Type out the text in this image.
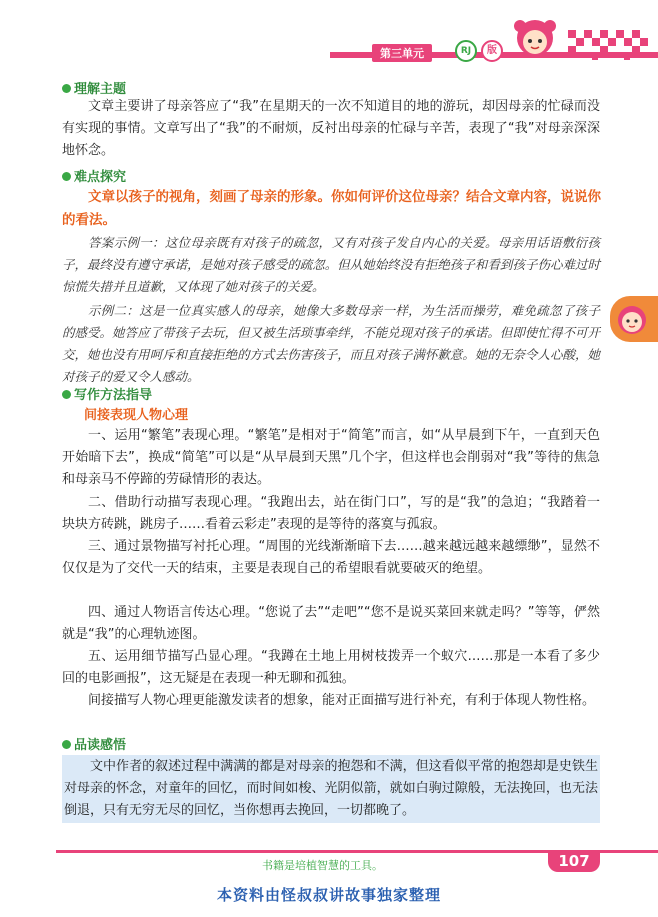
第三单元	RJ	版
理解主题
文章主要讲了母亲答应了“我”在星期天的一次不知道目的地的游玩，却因母亲的忙碌而没有实现的事情。文章写出了“我”的不耐烦，反衬出母亲的忙碌与辛苦，表现了“我”对母亲深深地怀念。
难点探究
文章以孩子的视角，刻画了母亲的形象。你如何评价这位母亲？结合文章内容，说说你的看法。
答案示例一：这位母亲既有对孩子的疏忽，又有对孩子发自内心的关爱。母亲用话语敷衍孩子，最终没有遵守承诺，是她对孩子感受的疏忽。但从她始终没有拒绝孩子和看到孩子伤心难过时惊慌失措并且道歉，又体现了她对孩子的关爱。
示例二：这是一位真实感人的母亲，她像大多数母亲一样，为生活而操劳，难免疏忽了孩子的感受。她答应了带孩子去玩，但又被生活琐事牵绊，不能兑现对孩子的承诺。但即使忙得不可开交，她也没有用呵斥和直接拒绝的方式去伤害孩子，而且对孩子满怀歉意。她的无奈令人心酸，她对孩子的爱又令人感动。
写作方法指导
间接表现人物心理
一、运用“繁笔”表现心理。“繁笔”是相对于“简笔”而言，如“从早晨到下午，一直到天色开始暗下去”，换成“简笔”可以是“从早晨到天黑”几个字，但这样也会削弱对“我”等待的焦急和母亲马不停蹄的劳碌情形的表达。
二、借助行动描写表现心理。“我跑出去，站在街门口”，写的是“我”的急迫；“我踏着一块块方砖跳，跳房子……看着云彩走”表现的是等待的落寞与孤寂。
三、通过景物描写衬托心理。“周围的光线渐渐暗下去……越来越远越来越缥缈”，显然不仅仅是为了交代一天的结束，主要是表现自己的希望眼看就要破灭的绝望。
四、通过人物语言传达心理。“您说了去”“走吧”“您不是说买菜回来就走吗？”等等，俨然就是“我”的心理轨迹图。
五、运用细节描写凸显心理。“我蹲在土地上用树枝拨弄一个蚁穴……那是一本看了多少回的电影画报”，这无疑是在表现一种无聊和孤独。
间接描写人物心理更能激发读者的想象，能对正面描写进行补充，有利于体现人物性格。
品读感悟
文中作者的叙述过程中满满的都是对母亲的抱怨和不满，但这看似平常的抱怨却是史铁生对母亲的怀念，对童年的回忆，而时间如梭、光阴似箭，就如白驹过隙般，无法挽回，也无法倒退，只有无穷无尽的回忆，当你想再去挽回，一切都晚了。
书籍是培植智慧的工具。	107
本资料由怪叔叔讲故事独家整理
